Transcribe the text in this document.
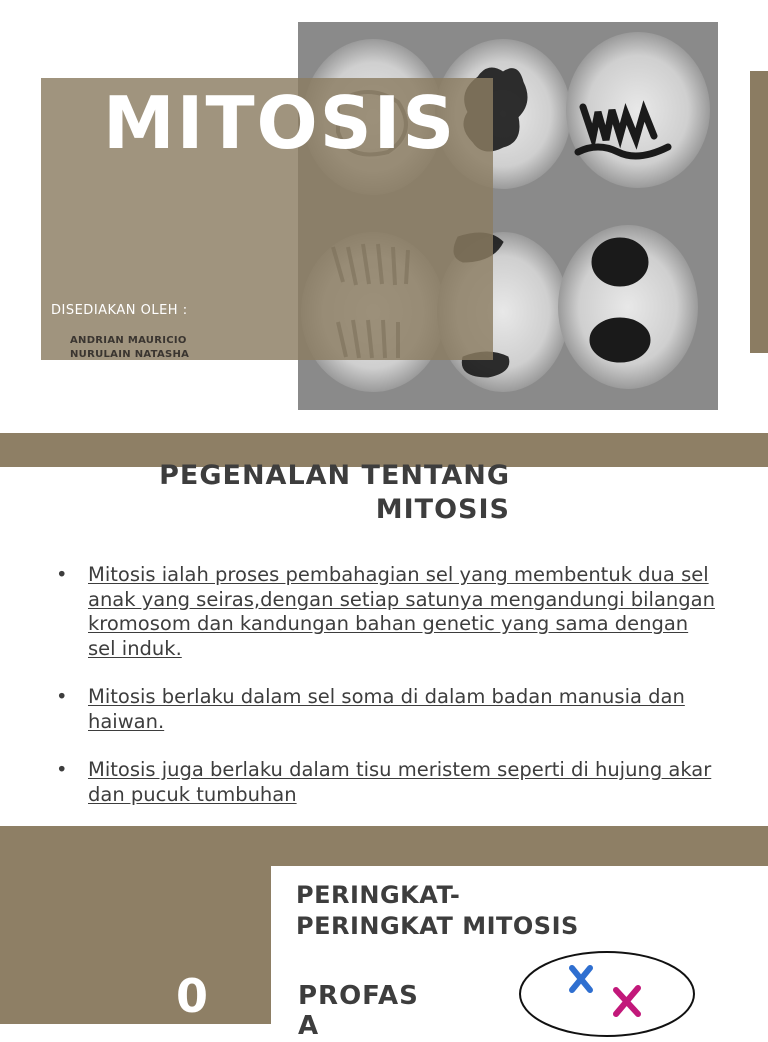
MITOSIS
DISEDIAKAN OLEH :
ANDRIAN MAURICIO
NURULAIN NATASHA
PEGENALAN TENTANG
MITOSIS
• Mitosis ialah proses pembahagian sel yang membentuk dua sel anak yang seiras,dengan setiap satunya mengandungi bilangan kromosom dan kandungan bahan genetic yang sama dengan sel induk.
• Mitosis berlaku dalam sel soma di dalam badan manusia dan haiwan.
• Mitosis juga berlaku dalam tisu meristem seperti di hujung akar dan pucuk tumbuhan
0
PERINGKAT-
PERINGKAT MITOSIS
PROFAS
A
